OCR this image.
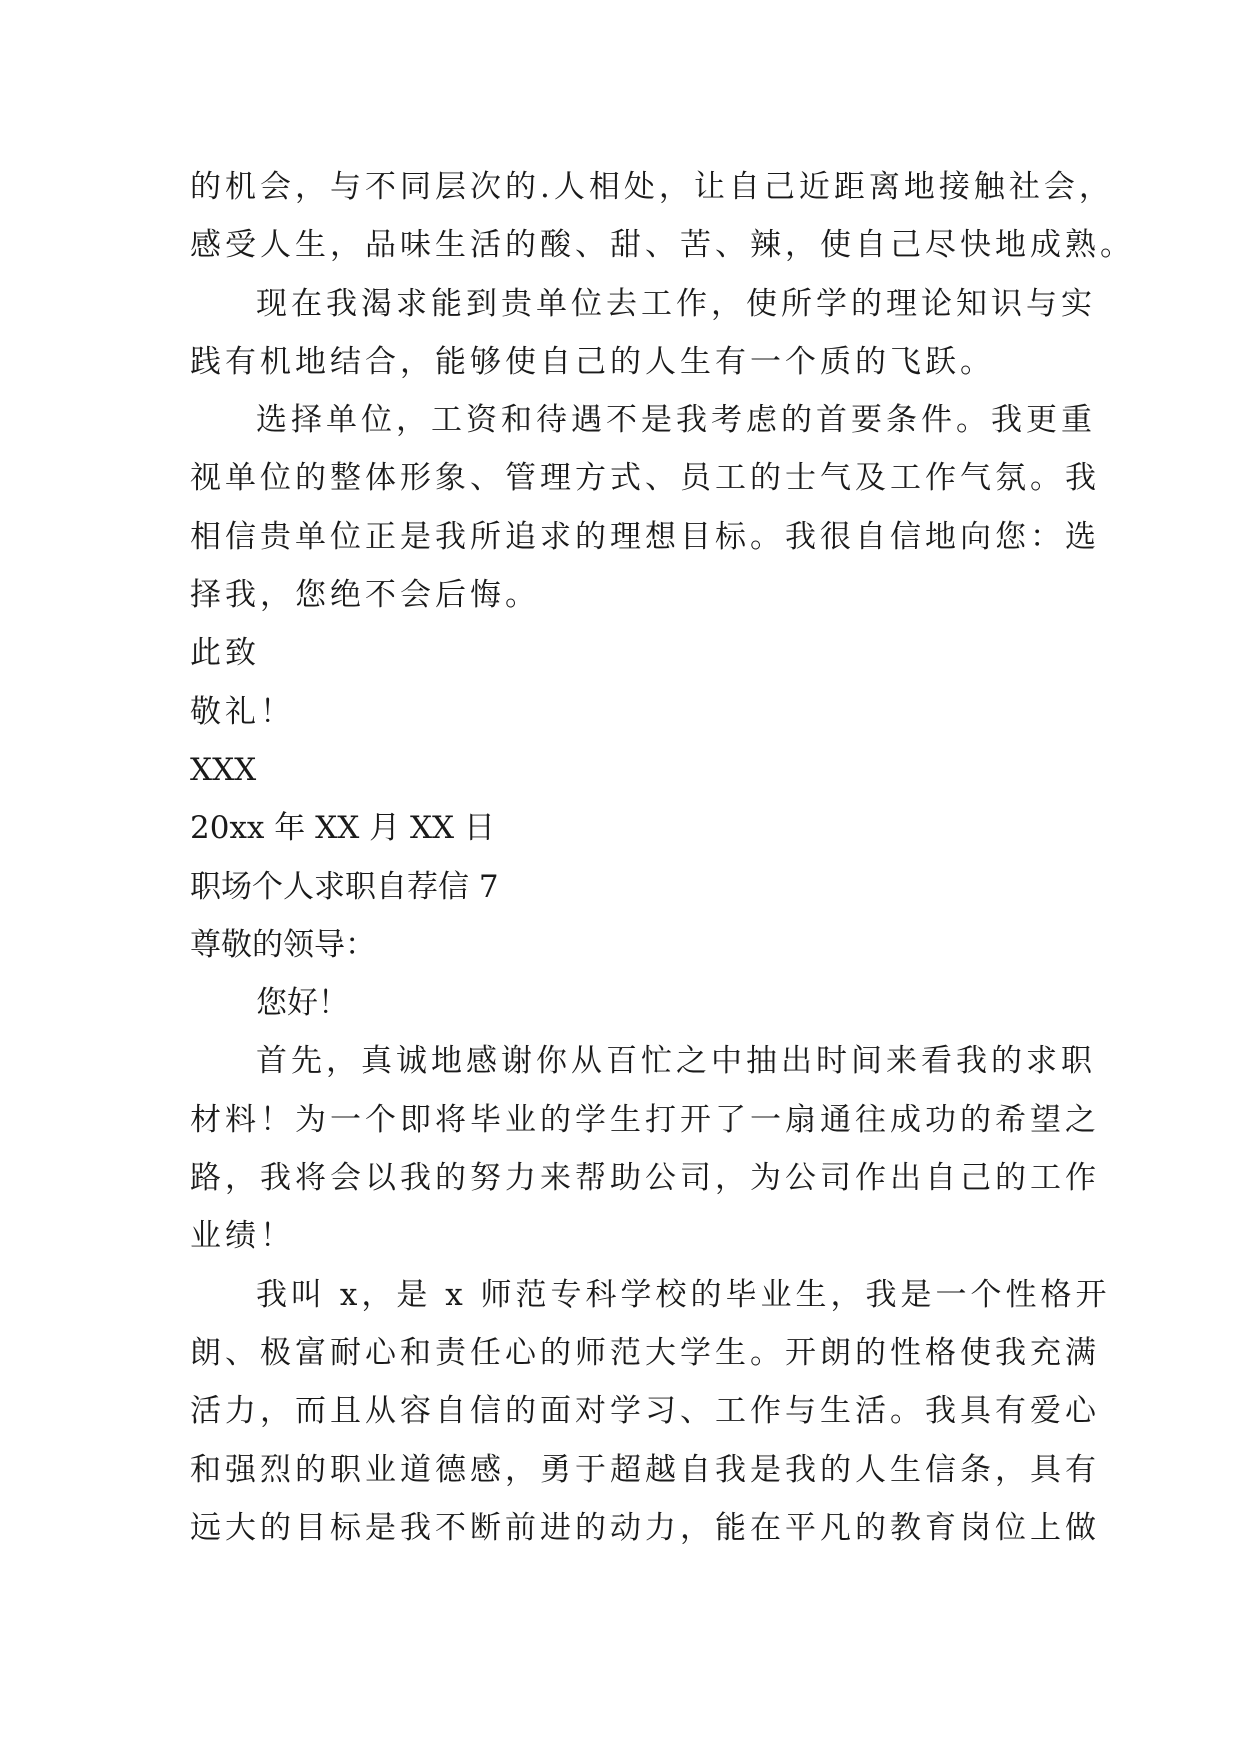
的机会，与不同层次的.人相处，让自己近距离地接触社会，
感受人生，品味生活的酸、甜、苦、辣，使自己尽快地成熟。
现在我渴求能到贵单位去工作，使所学的理论知识与实
践有机地结合，能够使自己的人生有一个质的飞跃。
选择单位，工资和待遇不是我考虑的首要条件。我更重
视单位的整体形象、管理方式、员工的士气及工作气氛。我
相信贵单位正是我所追求的理想目标。我很自信地向您：选
择我，您绝不会后悔。
此致
敬礼！
XXX
20xx 年 XX 月 XX 日
职场个人求职自荐信 7
尊敬的领导：
您好！
首先，真诚地感谢你从百忙之中抽出时间来看我的求职
材料！为一个即将毕业的学生打开了一扇通往成功的希望之
路，我将会以我的努力来帮助公司，为公司作出自己的工作
业绩！
我叫 x，是 x 师范专科学校的毕业生，我是一个性格开
朗、极富耐心和责任心的师范大学生。开朗的性格使我充满
活力，而且从容自信的面对学习、工作与生活。我具有爱心
和强烈的职业道德感，勇于超越自我是我的人生信条，具有
远大的目标是我不断前进的动力，能在平凡的教育岗位上做
